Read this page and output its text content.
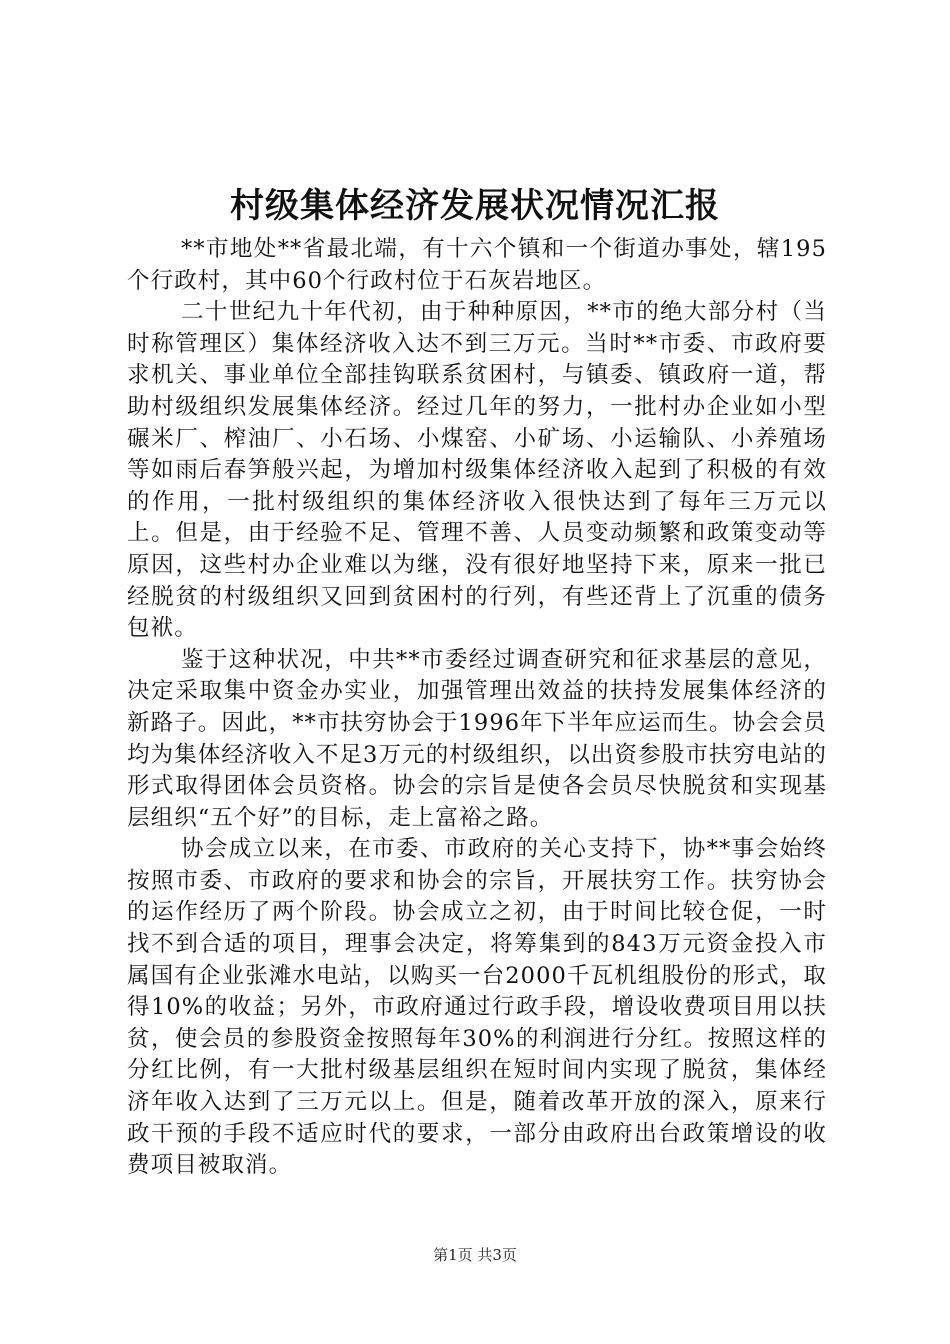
村级集体经济发展状况情况汇报

**市地处**省最北端，有十六个镇和一个街道办事处，辖195个行政村，其中60个行政村位于石灰岩地区。

二十世纪九十年代初，由于种种原因，**市的绝大部分村（当时称管理区）集体经济收入达不到三万元。当时**市委、市政府要求机关、事业单位全部挂钩联系贫困村，与镇委、镇政府一道，帮助村级组织发展集体经济。经过几年的努力，一批村办企业如小型碾米厂、榨油厂、小石场、小煤窑、小矿场、小运输队、小养殖场等如雨后春笋般兴起，为增加村级集体经济收入起到了积极的有效的作用，一批村级组织的集体经济收入很快达到了每年三万元以上。但是，由于经验不足、管理不善、人员变动频繁和政策变动等原因，这些村办企业难以为继，没有很好地坚持下来，原来一批已经脱贫的村级组织又回到贫困村的行列，有些还背上了沉重的债务包袱。

鉴于这种状况，中共**市委经过调查研究和征求基层的意见，决定采取集中资金办实业，加强管理出效益的扶持发展集体经济的新路子。因此，**市扶穷协会于1996年下半年应运而生。协会会员均为集体经济收入不足3万元的村级组织，以出资参股市扶穷电站的形式取得团体会员资格。协会的宗旨是使各会员尽快脱贫和实现基层组织“五个好”的目标，走上富裕之路。

协会成立以来，在市委、市政府的关心支持下，协**事会始终按照市委、市政府的要求和协会的宗旨，开展扶穷工作。扶穷协会的运作经历了两个阶段。协会成立之初，由于时间比较仓促，一时找不到合适的项目，理事会决定，将筹集到的843万元资金投入市属国有企业张滩水电站，以购买一台2000千瓦机组股份的形式，取得10%的收益；另外，市政府通过行政手段，增设收费项目用以扶贫，使会员的参股资金按照每年30%的利润进行分红。按照这样的分红比例，有一大批村级基层组织在短时间内实现了脱贫，集体经济年收入达到了三万元以上。但是，随着改革开放的深入，原来行政干预的手段不适应时代的要求，一部分由政府出台政策增设的收费项目被取消。

第1页 共3页
